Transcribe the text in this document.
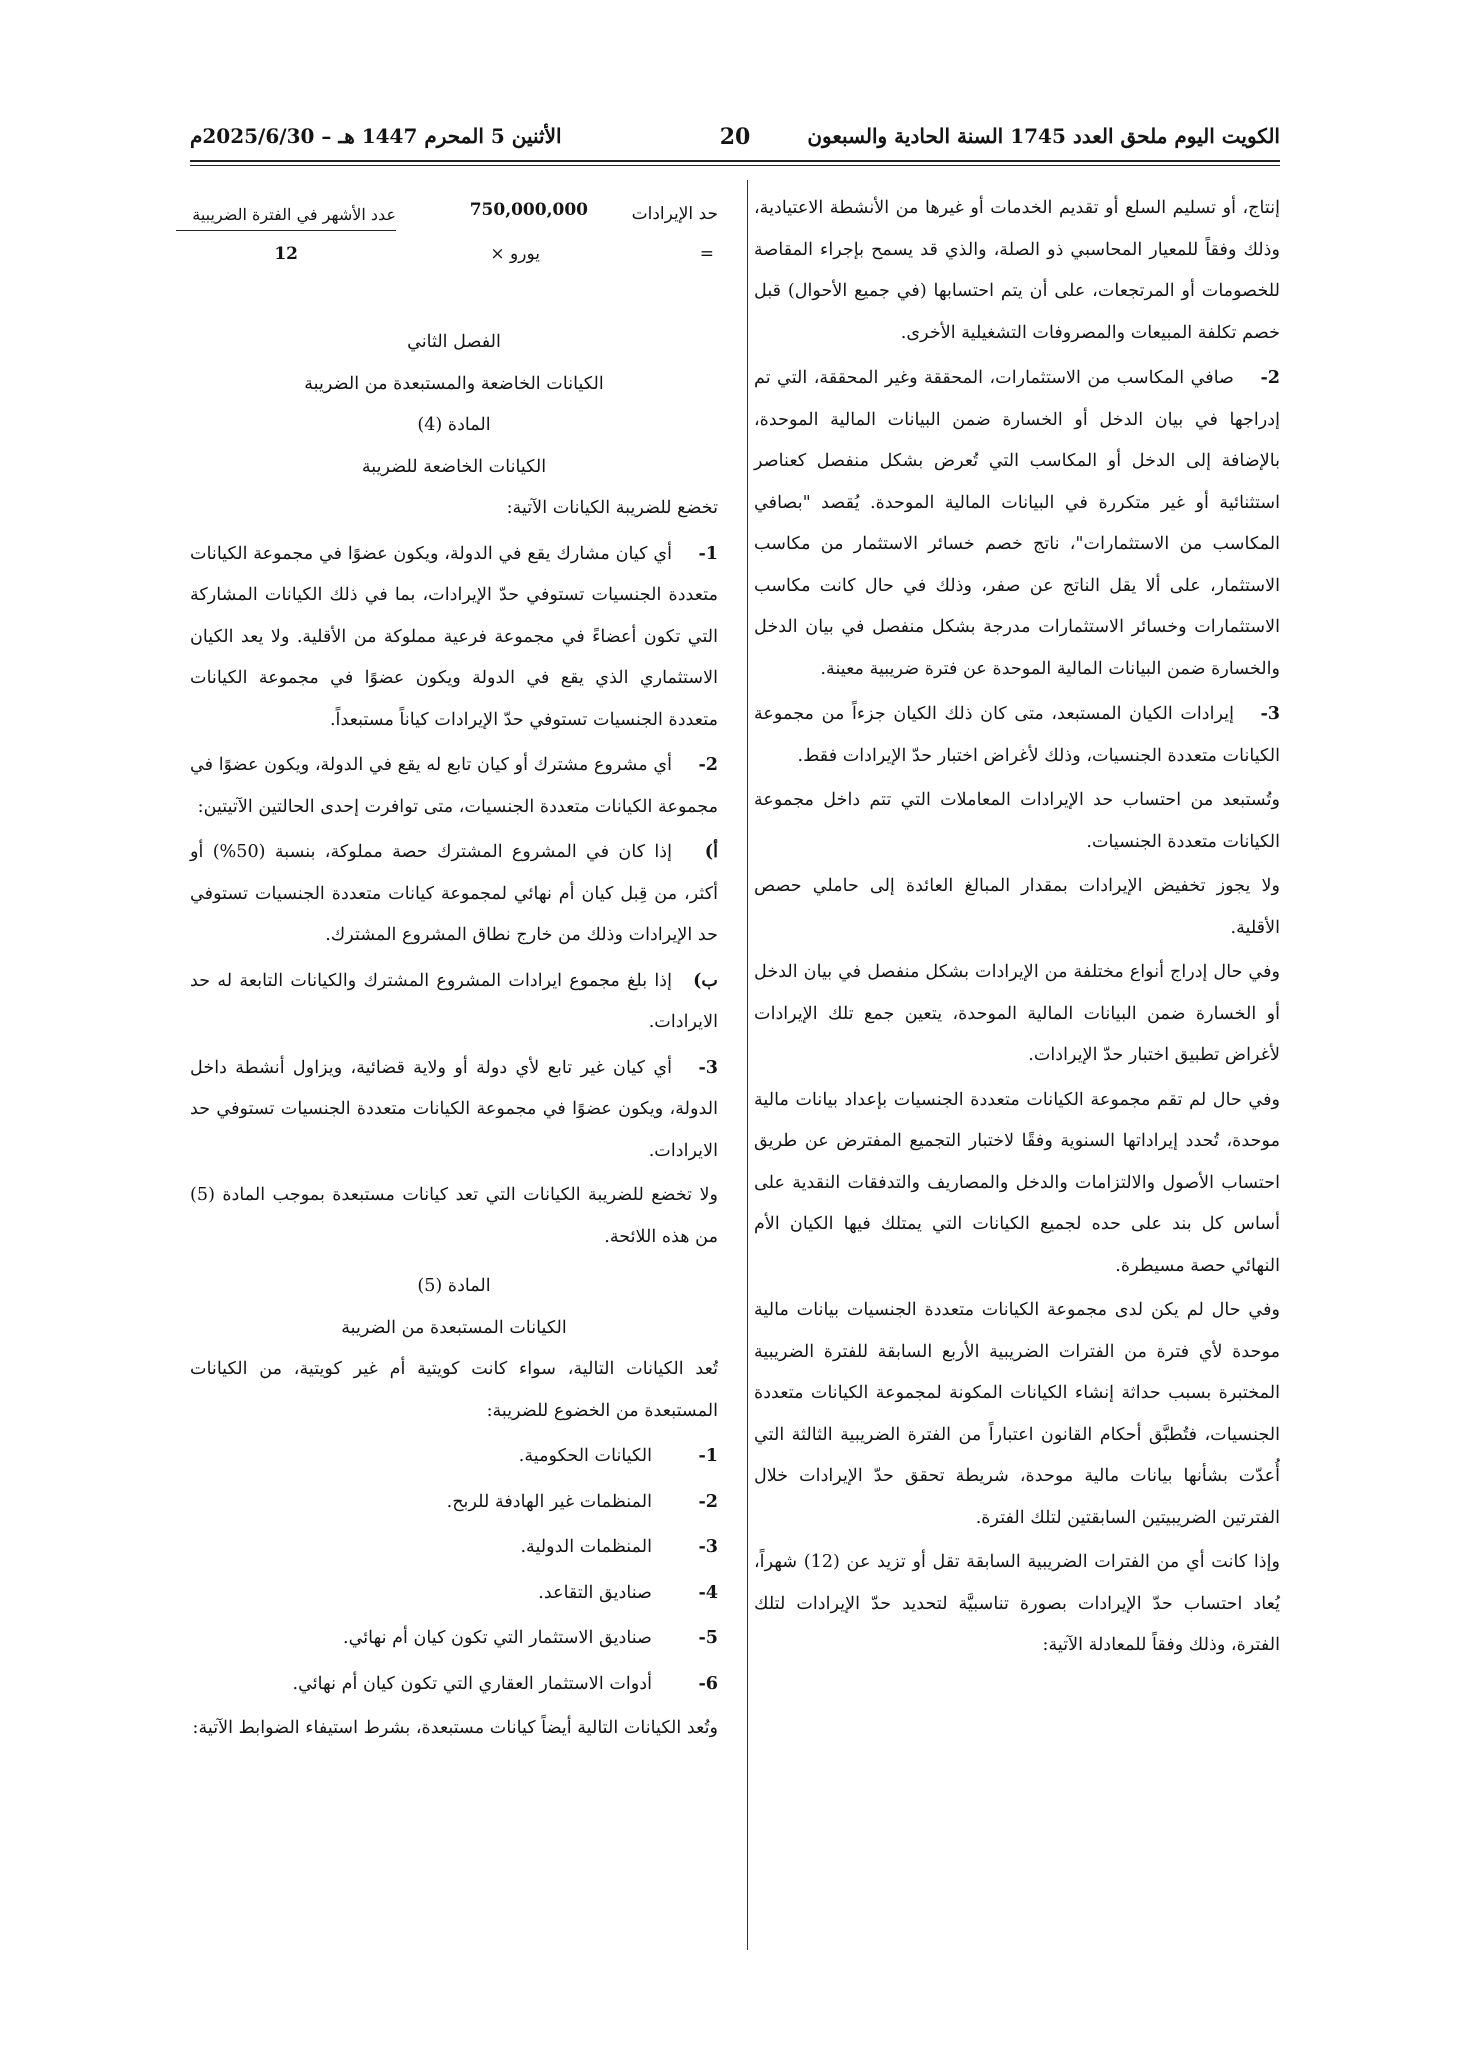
الكويت اليوم ملحق العدد 1745 السنة الحادية والسبعون
20
الأثنين 5 المحرم 1447 هـ – 2025/6/30م

إنتاج، أو تسليم السلع أو تقديم الخدمات أو غيرها من الأنشطة الاعتيادية، وذلك وفقاً للمعيار المحاسبي ذو الصلة، والذي قد يسمح بإجراء المقاصة للخصومات أو المرتجعات، على أن يتم احتسابها (في جميع الأحوال) قبل خصم تكلفة المبيعات والمصروفات التشغيلية الأخرى.

2-صافي المكاسب من الاستثمارات، المحققة وغير المحققة، التي تم إدراجها في بيان الدخل أو الخسارة ضمن البيانات المالية الموحدة، بالإضافة إلى الدخل أو المكاسب التي تُعرض بشكل منفصل كعناصر استثنائية أو غير متكررة في البيانات المالية الموحدة. يُقصد "بصافي المكاسب من الاستثمارات"، ناتج خصم خسائر الاستثمار من مكاسب الاستثمار، على ألا يقل الناتج عن صفر، وذلك في حال كانت مكاسب الاستثمارات وخسائر الاستثمارات مدرجة بشكل منفصل في بيان الدخل والخسارة ضمن البيانات المالية الموحدة عن فترة ضريبية معينة.

3-إيرادات الكيان المستبعد، متى كان ذلك الكيان جزءاً من مجموعة الكيانات متعددة الجنسيات، وذلك لأغراض اختبار حدّ الإيرادات فقط.

وتُستبعد من احتساب حد الإيرادات المعاملات التي تتم داخل مجموعة الكيانات متعددة الجنسيات.

ولا يجوز تخفيض الإيرادات بمقدار المبالغ العائدة إلى حاملي حصص الأقلية.

وفي حال إدراج أنواع مختلفة من الإيرادات بشكل منفصل في بيان الدخل أو الخسارة ضمن البيانات المالية الموحدة، يتعين جمع تلك الإيرادات لأغراض تطبيق اختبار حدّ الإيرادات.

وفي حال لم تقم مجموعة الكيانات متعددة الجنسيات بإعداد بيانات مالية موحدة، تُحدد إيراداتها السنوية وفقًا لاختبار التجميع المفترض عن طريق احتساب الأصول والالتزامات والدخل والمصاريف والتدفقات النقدية على أساس كل بند على حده لجميع الكيانات التي يمتلك فيها الكيان الأم النهائي حصة مسيطرة.

وفي حال لم يكن لدى مجموعة الكيانات متعددة الجنسيات بيانات مالية موحدة لأي فترة من الفترات الضريبية الأربع السابقة للفترة الضريبية المختبرة بسبب حداثة إنشاء الكيانات المكونة لمجموعة الكيانات متعددة الجنسيات، فتُطبَّق أحكام القانون اعتباراً من الفترة الضريبية الثالثة التي أُعدّت بشأنها بيانات مالية موحدة، شريطة تحقق حدّ الإيرادات خلال الفترتين الضريبيتين السابقتين لتلك الفترة.

وإذا كانت أي من الفترات الضريبية السابقة تقل أو تزيد عن (12) شهراً، يُعاد احتساب حدّ الإيرادات بصورة تناسبيَّة لتحديد حدّ الإيرادات لتلك الفترة، وذلك وفقاً للمعادلة الآتية:

حد الإيرادات
=
750,000,000
يورو ×
عدد الأشهر في الفترة الضريبية
12

الفصل الثاني

الكيانات الخاضعة والمستبعدة من الضريبة

المادة (4)

الكيانات الخاضعة للضريبة

تخضع للضريبة الكيانات الآتية:

1-أي كيان مشارك يقع في الدولة، ويكون عضوًا في مجموعة الكيانات متعددة الجنسيات تستوفي حدّ الإيرادات، بما في ذلك الكيانات المشاركة التي تكون أعضاءً في مجموعة فرعية مملوكة من الأقلية. ولا يعد الكيان الاستثماري الذي يقع في الدولة ويكون عضوًا في مجموعة الكيانات متعددة الجنسيات تستوفي حدّ الإيرادات كياناً مستبعداً.

2-أي مشروع مشترك أو كيان تابع له يقع في الدولة، ويكون عضوًا في مجموعة الكيانات متعددة الجنسيات، متى توافرت إحدى الحالتين الآتيتين:

أ)إذا كان في المشروع المشترك حصة مملوكة، بنسبة (50%) أو أكثر، من قِبل كيان أم نهائي لمجموعة كيانات متعددة الجنسيات تستوفي حد الإيرادات وذلك من خارج نطاق المشروع المشترك.

ب)إذا بلغ مجموع ايرادات المشروع المشترك والكيانات التابعة له حد الايرادات.

3-أي كيان غير تابع لأي دولة أو ولاية قضائية، ويزاول أنشطة داخل الدولة، ويكون عضوًا في مجموعة الكيانات متعددة الجنسيات تستوفي حد الايرادات.

ولا تخضع للضريبة الكيانات التي تعد كيانات مستبعدة بموجب المادة (5) من هذه اللائحة.

المادة (5)

الكيانات المستبعدة من الضريبة

تُعد الكيانات التالية، سواء كانت كويتية أم غير كويتية، من الكيانات المستبعدة من الخضوع للضريبة:

1-الكيانات الحكومية.

2-المنظمات غير الهادفة للربح.

3-المنظمات الدولية.

4-صناديق التقاعد.

5-صناديق الاستثمار التي تكون كيان أم نهائي.

6-أدوات الاستثمار العقاري التي تكون كيان أم نهائي.

وتُعد الكيانات التالية أيضاً كيانات مستبعدة، بشرط استيفاء الضوابط الآتية:
